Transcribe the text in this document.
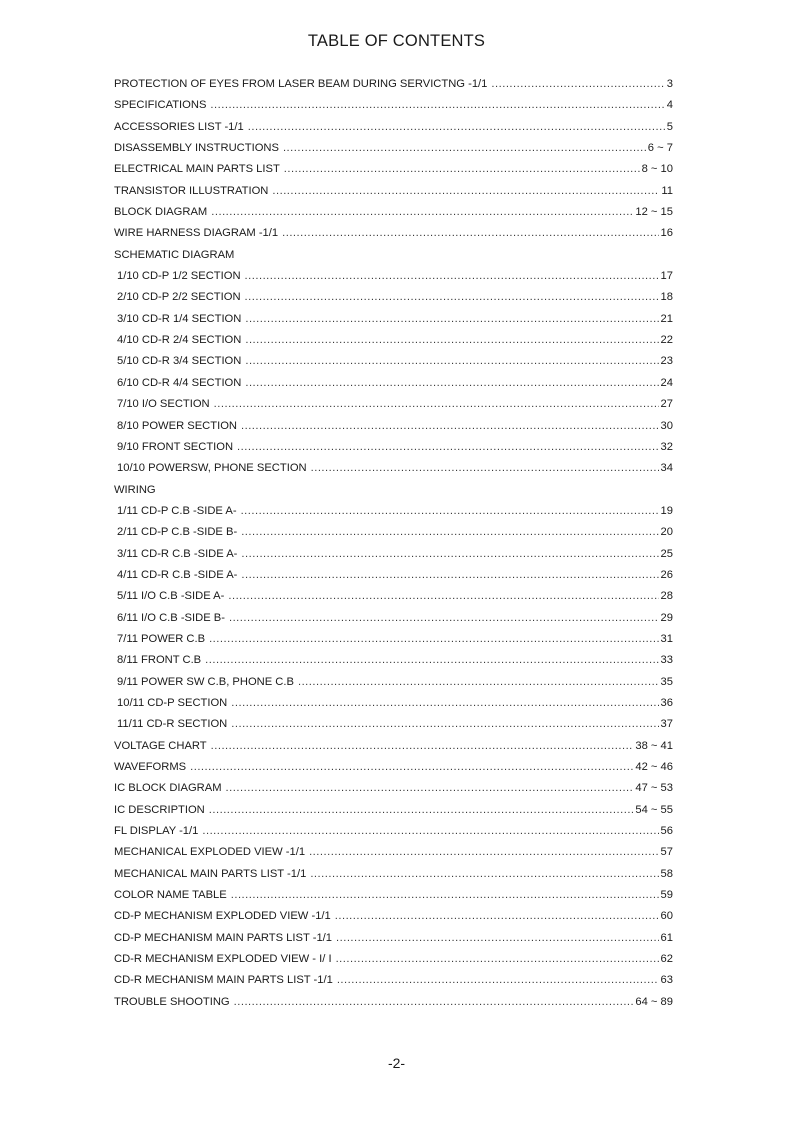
TABLE OF CONTENTS
PROTECTION OF EYES FROM LASER BEAM DURING SERVICTNG -1/1 .....	3
SPECIFICATIONS .....	4
ACCESSORIES LIST -1/1 .....	5
DISASSEMBLY INSTRUCTIONS .....	6 ~ 7
ELECTRICAL MAIN PARTS LIST .....	8 ~ 10
TRANSISTOR ILLUSTRATION .....	11
BLOCK DIAGRAM .....	12 ~ 15
WIRE HARNESS DIAGRAM -1/1 .....	16
SCHEMATIC DIAGRAM
1/10 CD-P 1/2 SECTION .....	17
2/10 CD-P 2/2 SECTION .....	18
3/10 CD-R 1/4 SECTION .....	21
4/10 CD-R 2/4 SECTION .....	22
5/10 CD-R 3/4 SECTION .....	23
6/10 CD-R 4/4 SECTION .....	24
7/10 I/O SECTION .....	27
8/10 POWER SECTION .....	30
9/10 FRONT SECTION .....	32
10/10 POWERSW, PHONE SECTION .....	34
WIRING
1/11 CD-P C.B -SIDE A- .....	19
2/11 CD-P C.B -SIDE B- .....	20
3/11 CD-R C.B -SIDE A- .....	25
4/11 CD-R C.B -SIDE A- .....	26
5/11 I/O C.B -SIDE A- .....	28
6/11 I/O C.B -SIDE B- .....	29
7/11 POWER C.B .....	31
8/11 FRONT C.B .....	33
9/11 POWER SW C.B, PHONE C.B .....	35
10/11 CD-P SECTION .....	36
11/11 CD-R SECTION .....	37
VOLTAGE CHART .....	38 ~ 41
WAVEFORMS .....	42 ~ 46
IC BLOCK DIAGRAM .....	47 ~ 53
IC DESCRIPTION .....	54 ~ 55
FL DISPLAY -1/1 .....	56
MECHANICAL EXPLODED VIEW -1/1 .....	57
MECHANICAL MAIN PARTS LIST -1/1 .....	58
COLOR NAME TABLE .....	59
CD-P MECHANISM EXPLODED VIEW -1/1 .....	60
CD-P MECHANISM MAIN PARTS LIST -1/1 .....	61
CD-R MECHANISM EXPLODED VIEW - I/ I .....	62
CD-R MECHANISM MAIN PARTS LIST -1/1 .....	63
TROUBLE SHOOTING .....	64 ~ 89
-2-
